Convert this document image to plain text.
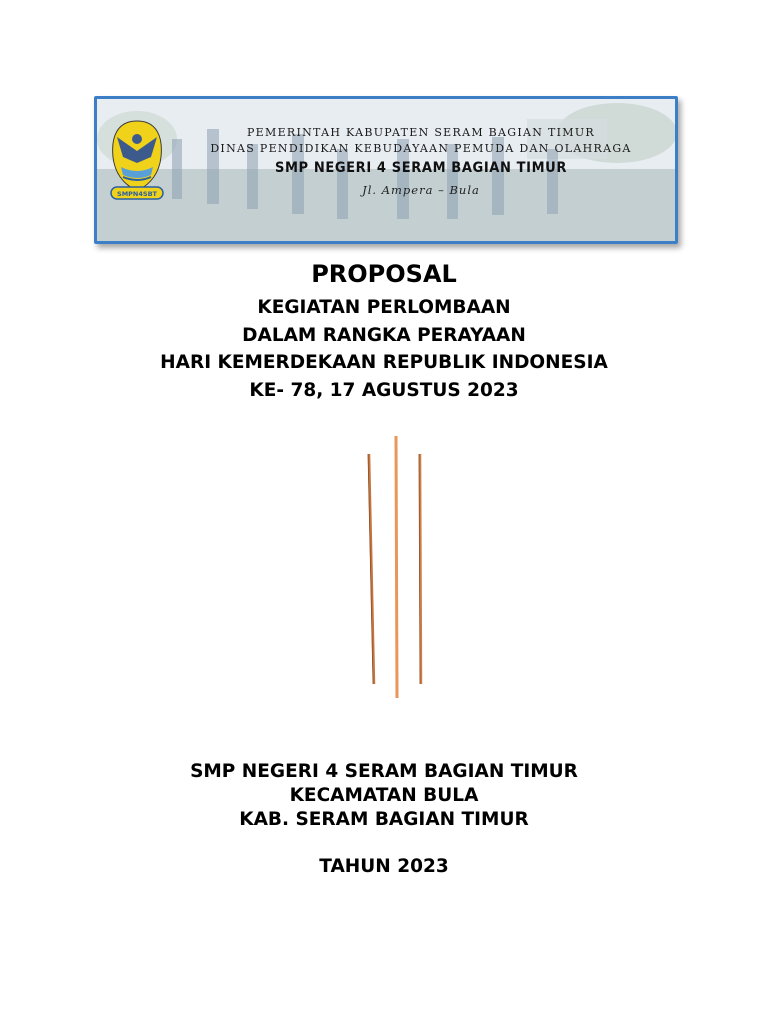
SMPN4SBT
PEMERINTAH KABUPATEN SERAM BAGIAN TIMUR
DINAS PENDIDIKAN KEBUDAYAAN PEMUDA DAN OLAHRAGA
SMP NEGERI 4 SERAM BAGIAN TIMUR
Jl. Ampera – Bula
PROPOSAL
KEGIATAN PERLOMBAAN
DALAM RANGKA PERAYAAN
HARI KEMERDEKAAN REPUBLIK INDONESIA
KE- 78, 17 AGUSTUS 2023
SMP NEGERI 4 SERAM BAGIAN TIMUR
KECAMATAN BULA
KAB. SERAM BAGIAN TIMUR
TAHUN 2023
